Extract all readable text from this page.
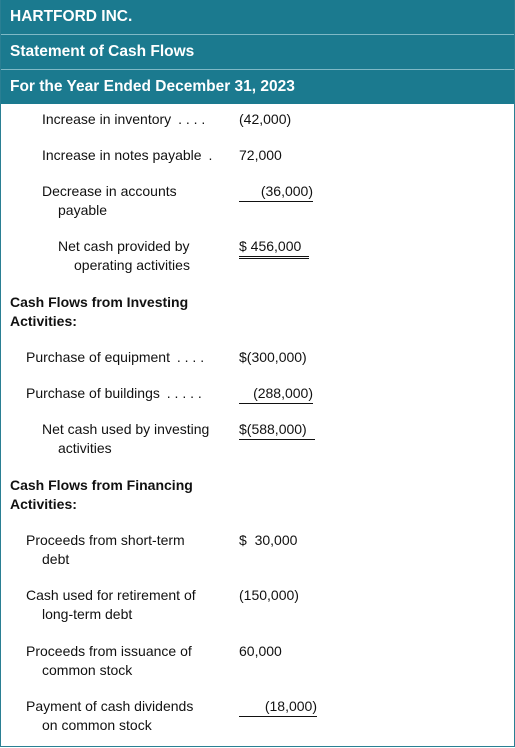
HARTFORD INC.
Statement of Cash Flows
For the Year Ended December 31, 2023
Increase in inventory . . . . (42,000)
Increase in notes payable . 72,000
Decrease in accounts
payable
(36,000)
Net cash provided by
operating activities
$ 456,000
Cash Flows from Investing
Activities:
Purchase of equipment . . . . $(300,000)
Purchase of buildings . . . . .	(288,000)
Net cash used by investing
activities
$(588,000)
Cash Flows from Financing
Activities:
Proceeds from short-term
debt
$  30,000
Cash used for retirement of
long-term debt
(150,000)
Proceeds from issuance of
common stock
60,000
Payment of cash dividends
on common stock
(18,000)
